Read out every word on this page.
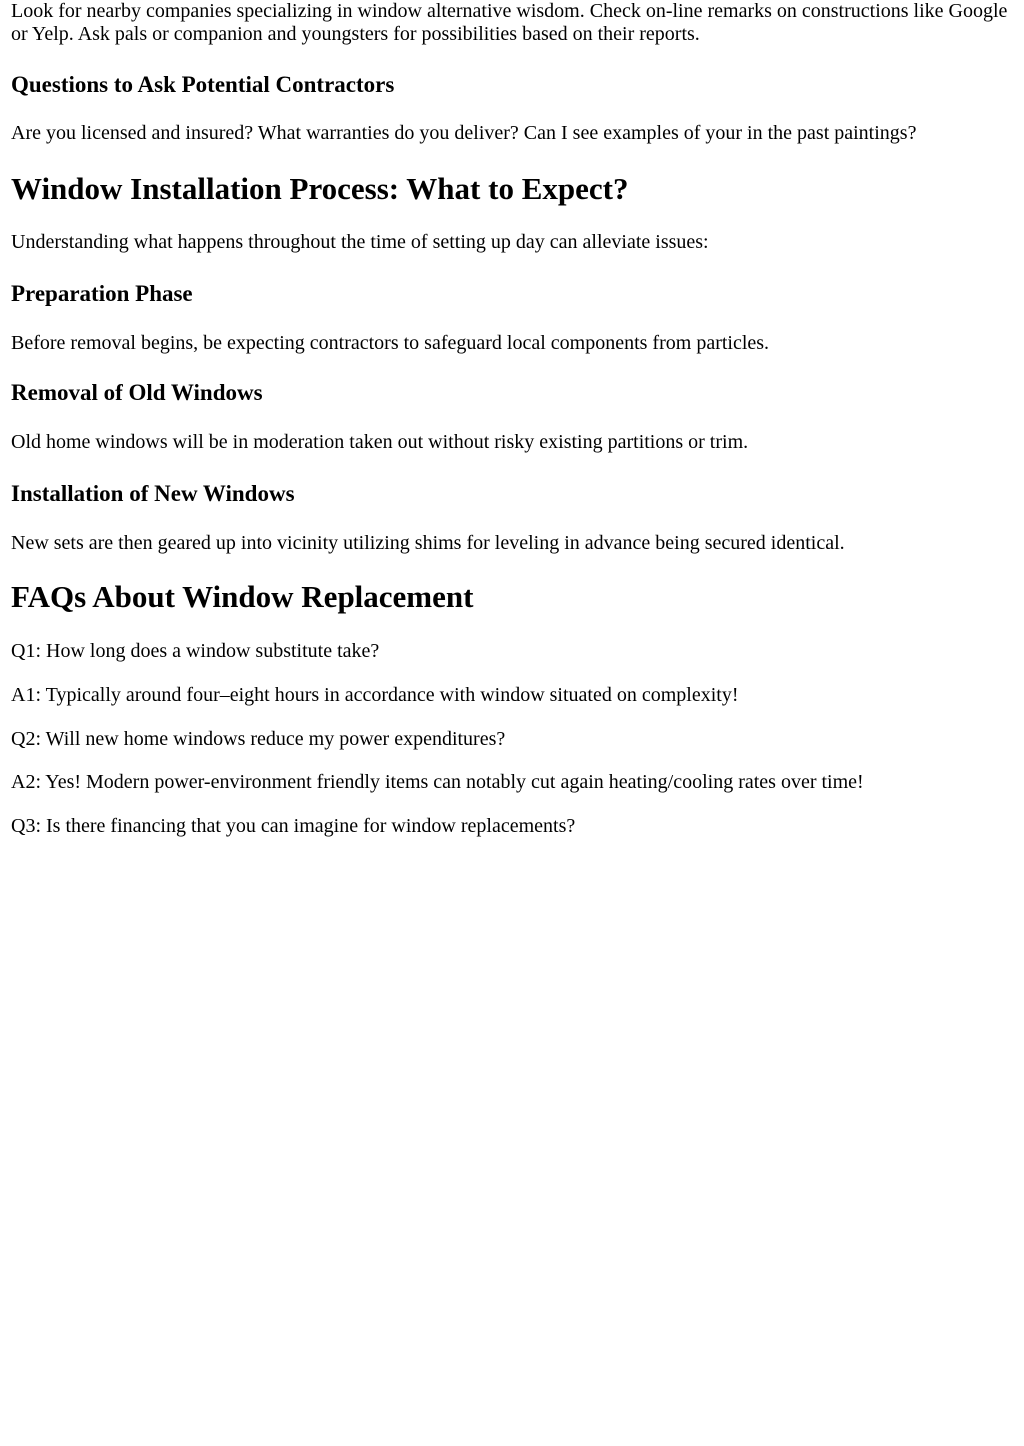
Look for nearby companies specializing in window alternative wisdom. Check on-line remarks on constructions like Google or Yelp. Ask pals or companion and youngsters for possibilities based on their reports.

Questions to Ask Potential Contractors

Are you licensed and insured? What warranties do you deliver? Can I see examples of your in the past paintings?

Window Installation Process: What to Expect?

Understanding what happens throughout the time of setting up day can alleviate issues:

Preparation Phase

Before removal begins, be expecting contractors to safeguard local components from particles.

Removal of Old Windows

Old home windows will be in moderation taken out without risky existing partitions or trim.

Installation of New Windows

New sets are then geared up into vicinity utilizing shims for leveling in advance being secured identical.

FAQs About Window Replacement

Q1: How long does a window substitute take?

A1: Typically around four–eight hours in accordance with window situated on complexity!

Q2: Will new home windows reduce my power expenditures?

A2: Yes! Modern power-environment friendly items can notably cut again heating/cooling rates over time!

Q3: Is there financing that you can imagine for window replacements?
